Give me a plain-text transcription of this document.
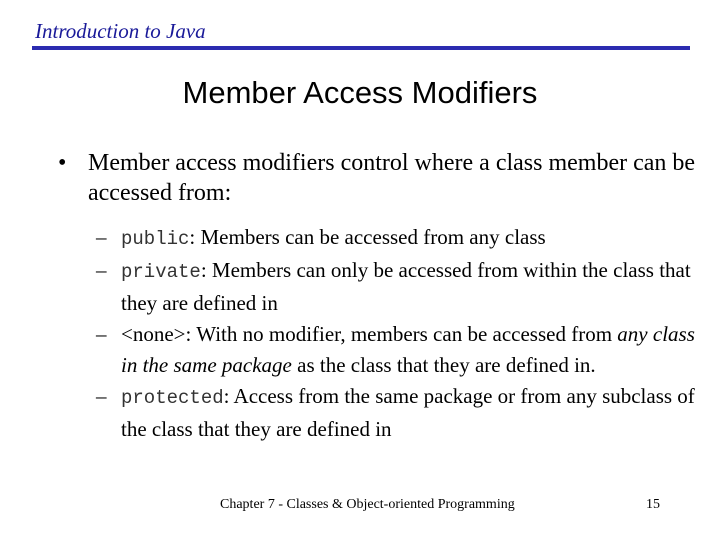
Introduction to Java
Member Access Modifiers
• Member access modifiers control where a class member can be accessed from:
– public: Members can be accessed from any class
– private: Members can only be accessed from within the class that they are defined in
– <none>: With no modifier, members can be accessed from any class in the same package as the class that they are defined in.
– protected: Access from the same package or from any subclass of the class that they are defined in
Chapter 7 - Classes & Object-oriented Programming	15
